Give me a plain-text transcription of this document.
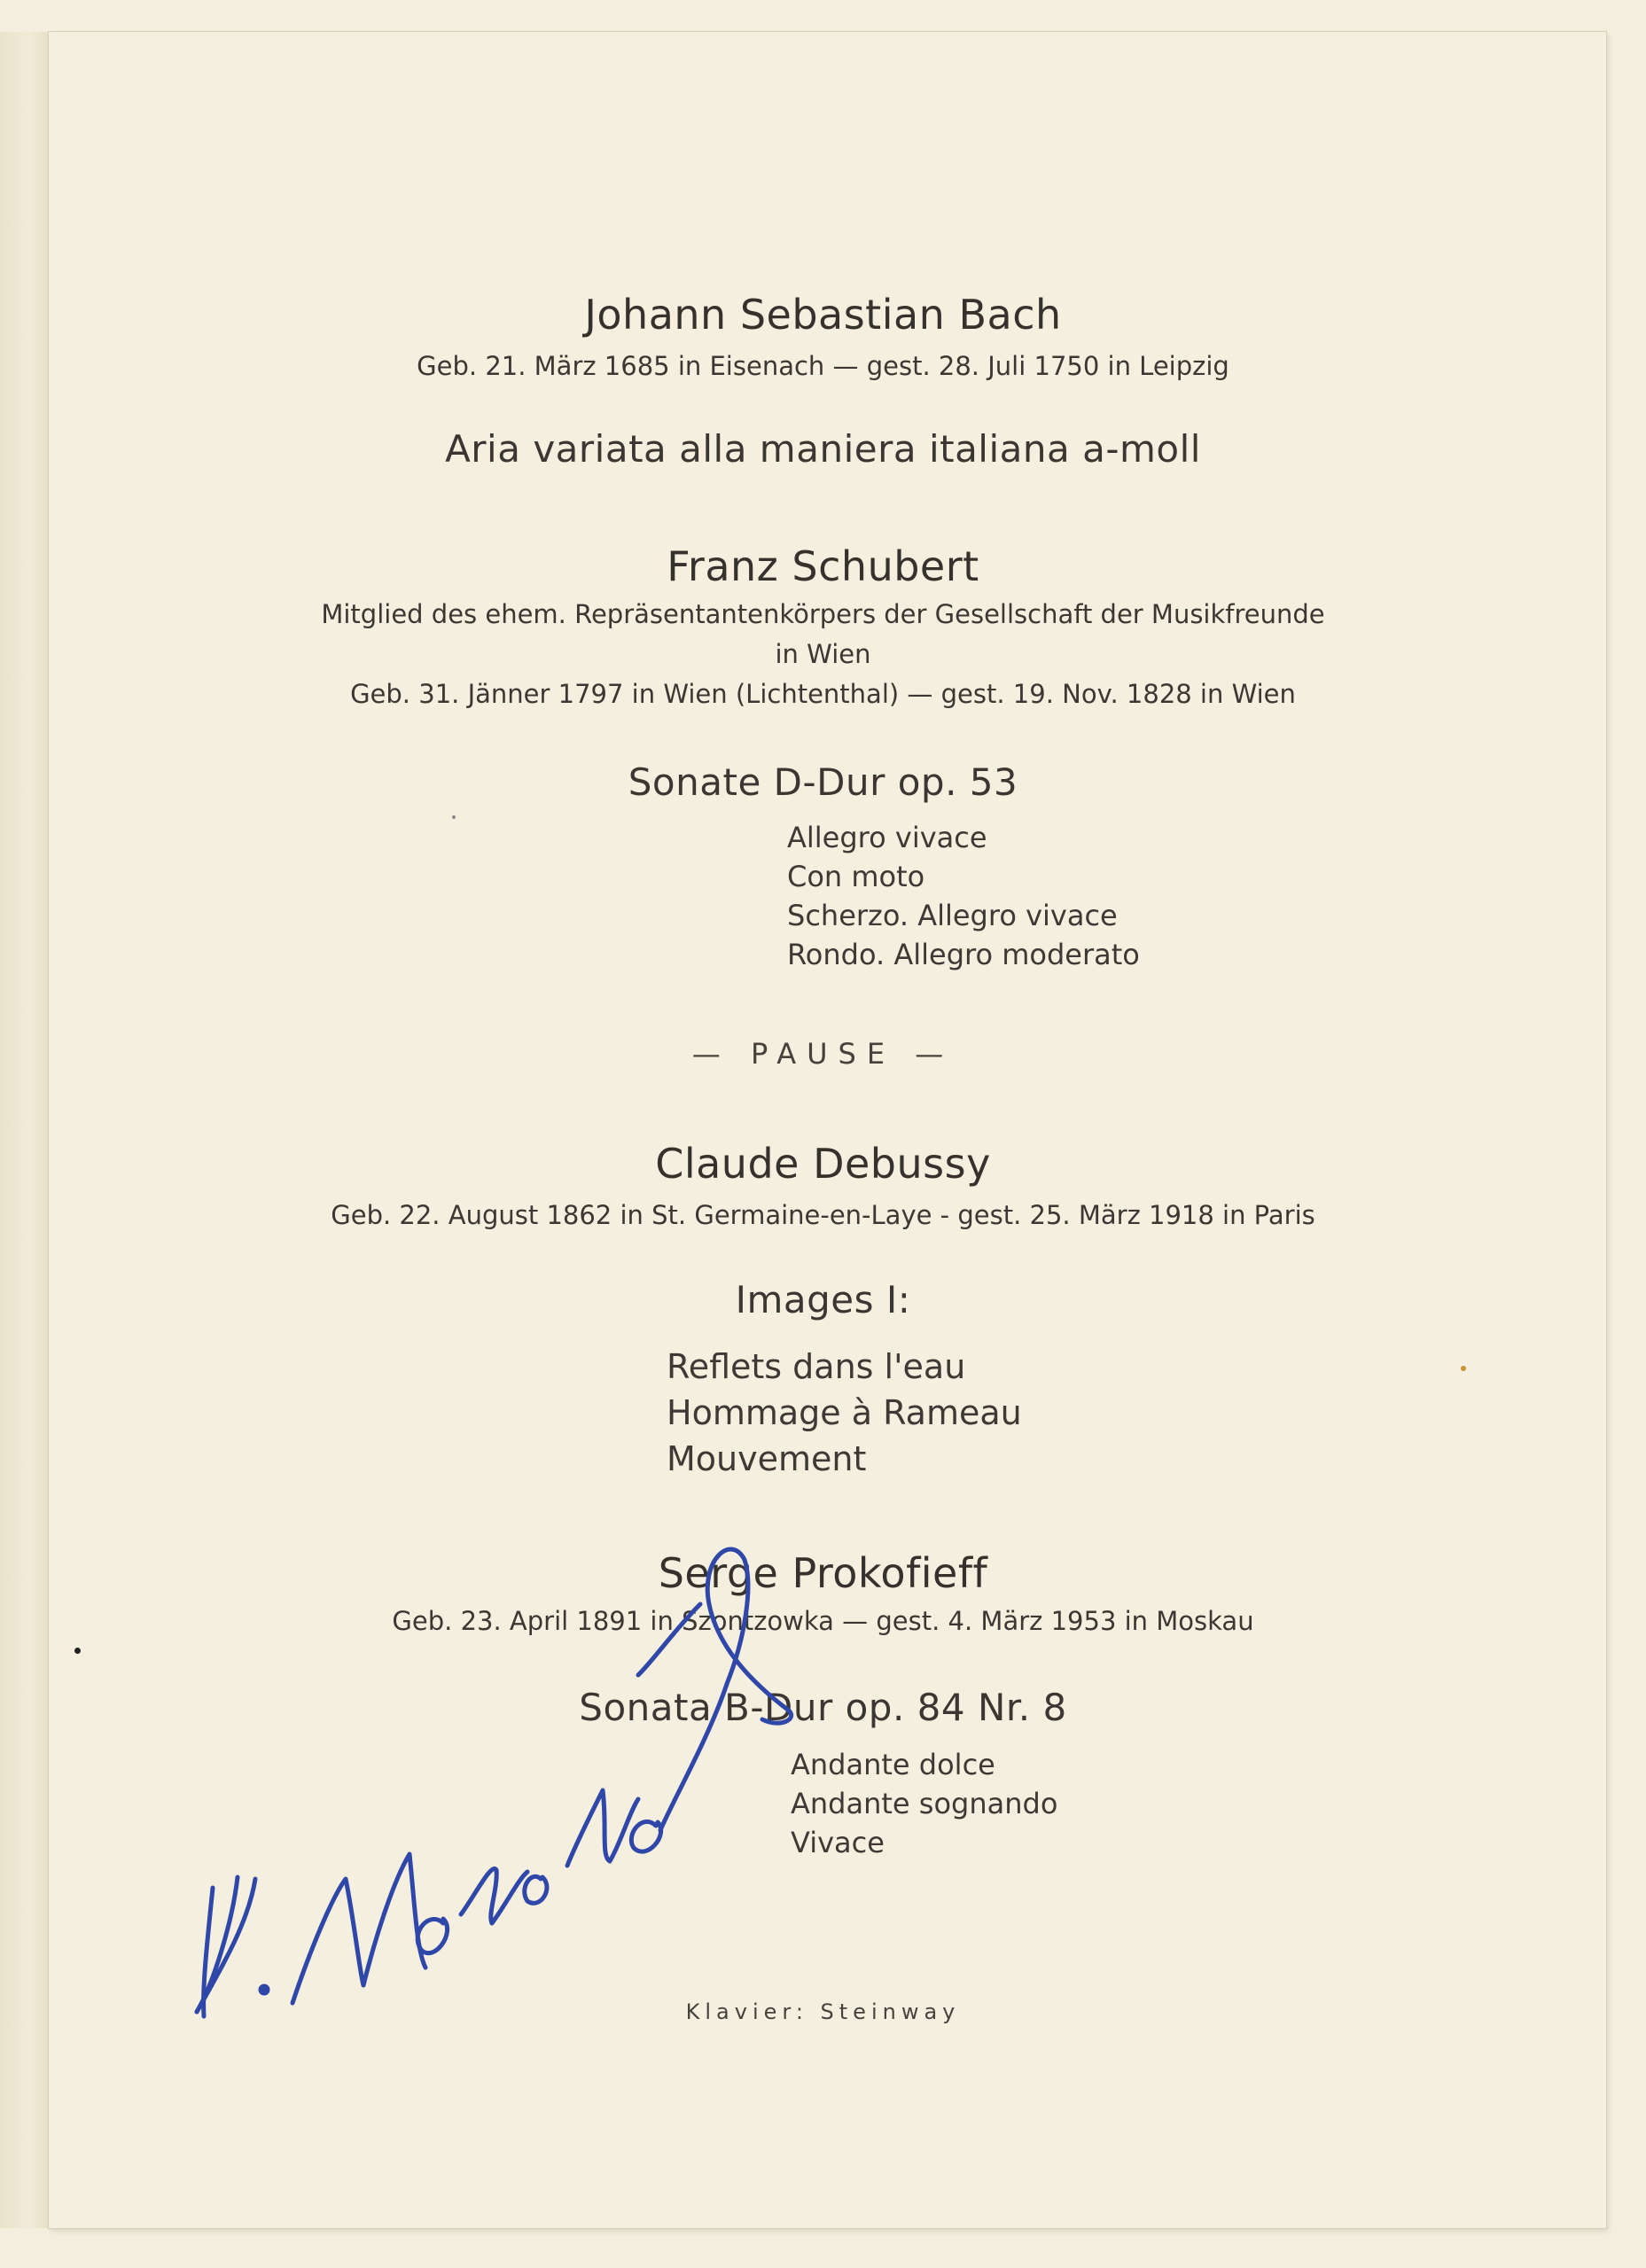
Johann Sebastian Bach

Geb. 21. März 1685 in Eisenach — gest. 28. Juli 1750 in Leipzig

Aria variata alla maniera italiana a-moll

Franz Schubert

Mitglied des ehem. Repräsentantenkörpers der Gesellschaft der Musikfreunde

in Wien

Geb. 31. Jänner 1797 in Wien (Lichtenthal) — gest. 19. Nov. 1828 in Wien

Sonate D-Dur op. 53

Allegro vivace

Con moto

Scherzo. Allegro vivace

Rondo. Allegro moderato

— PAUSE —

Claude Debussy

Geb. 22. August 1862 in St. Germaine-en-Laye - gest. 25. März 1918 in Paris

Images I:

Reflets dans l'eau

Hommage à Rameau

Mouvement

Serge Prokofieff

Geb. 23. April 1891 in Szontzowka — gest. 4. März 1953 in Moskau

Sonata B-Dur op. 84 Nr. 8

Andante dolce

Andante sognando

Vivace

Klavier: Steinway
